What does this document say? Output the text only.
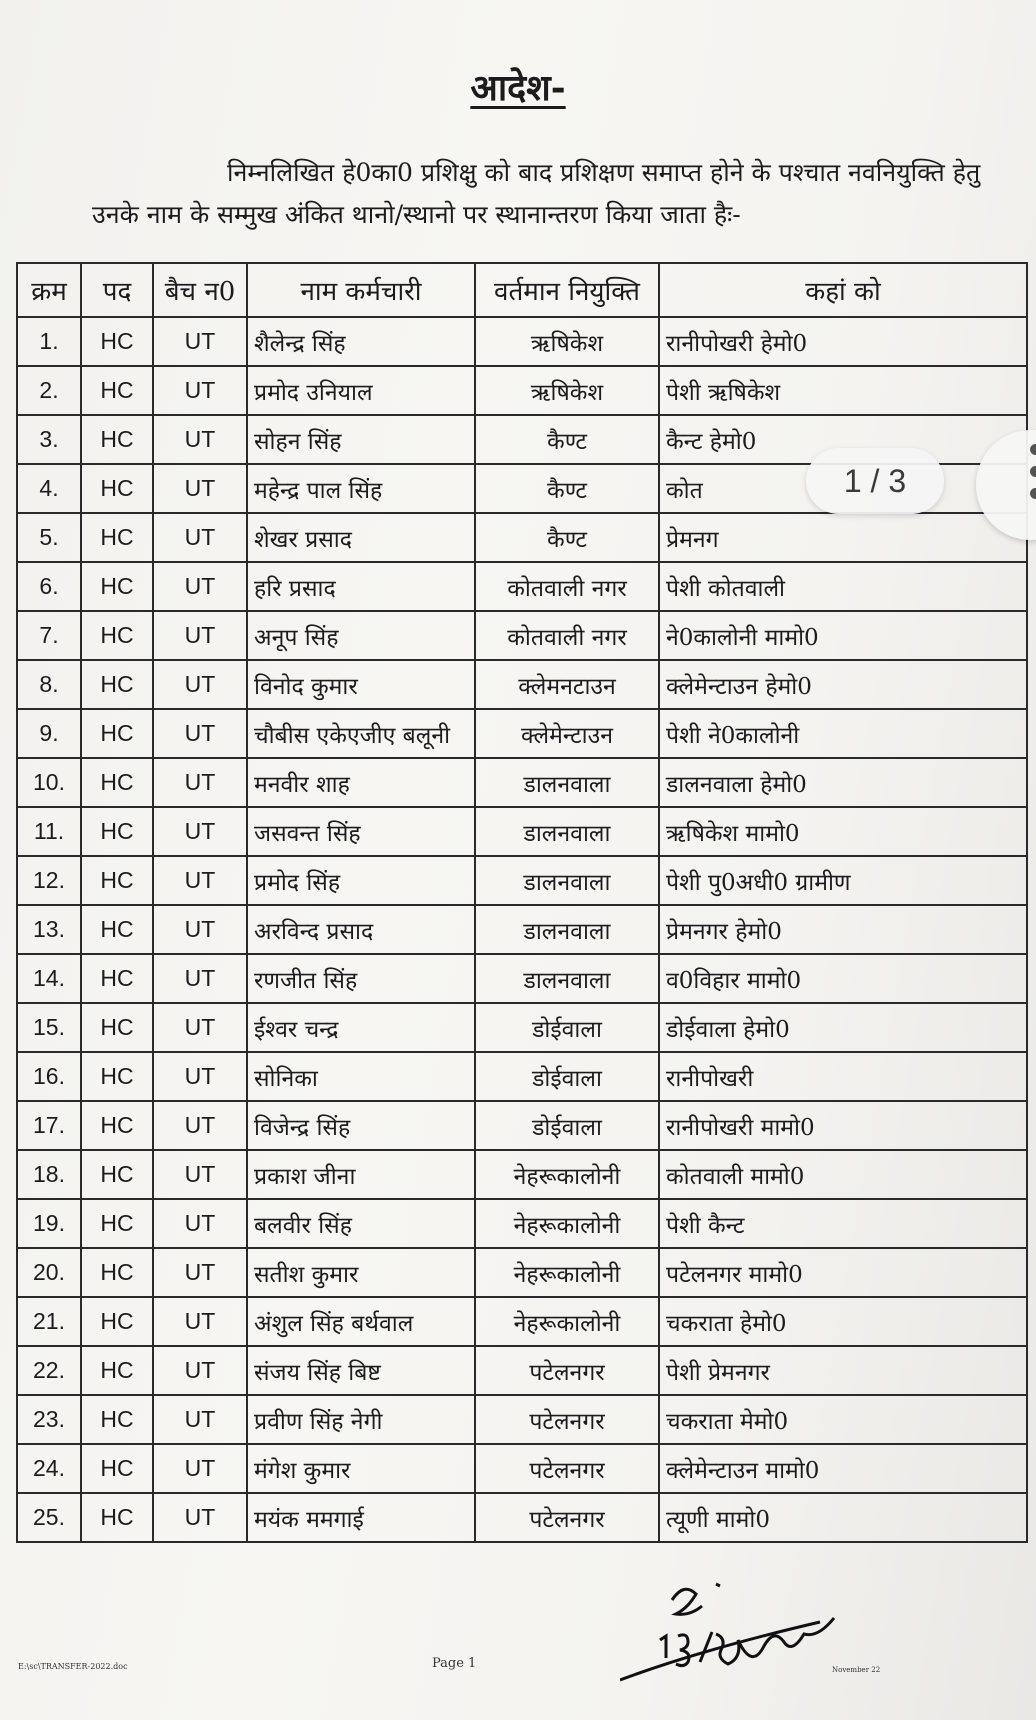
आदेश-
निम्नलिखित हे0का0 प्रशिक्षु को बाद प्रशिक्षण समाप्त होने के पश्चात नवनियुक्ति हेतु उनके नाम के सम्मुख अंकित थानो/स्थानो पर स्थानान्तरण किया जाता हैः-
क्रम	पद	बैच न0	नाम कर्मचारी	वर्तमान नियुक्ति	कहां को
1.	HC	UT	शैलेन्द्र सिंह	ऋषिकेश	रानीपोखरी हेमो0
2.	HC	UT	प्रमोद उनियाल	ऋषिकेश	पेशी ऋषिकेश
3.	HC	UT	सोहन सिंह	कैण्ट	कैन्ट हेमो0
4.	HC	UT	महेन्द्र पाल सिंह	कैण्ट	कोत
5.	HC	UT	शेखर प्रसाद	कैण्ट	प्रेमनग
6.	HC	UT	हरि प्रसाद	कोतवाली नगर	पेशी कोतवाली
7.	HC	UT	अनूप सिंह	कोतवाली नगर	ने0कालोनी मामो0
8.	HC	UT	विनोद कुमार	क्लेमनटाउन	क्लेमेन्टाउन हेमो0
9.	HC	UT	चौबीस एकेएजीए बलूनी	क्लेमेन्टाउन	पेशी ने0कालोनी
10.	HC	UT	मनवीर शाह	डालनवाला	डालनवाला हेमो0
11.	HC	UT	जसवन्त सिंह	डालनवाला	ऋषिकेश मामो0
12.	HC	UT	प्रमोद सिंह	डालनवाला	पेशी पु0अधी0 ग्रामीण
13.	HC	UT	अरविन्द प्रसाद	डालनवाला	प्रेमनगर हेमो0
14.	HC	UT	रणजीत सिंह	डालनवाला	व0विहार मामो0
15.	HC	UT	ईश्वर चन्द्र	डोईवाला	डोईवाला हेमो0
16.	HC	UT	सोनिका	डोईवाला	रानीपोखरी
17.	HC	UT	विजेन्द्र सिंह	डोईवाला	रानीपोखरी मामो0
18.	HC	UT	प्रकाश जीना	नेहरूकालोनी	कोतवाली मामो0
19.	HC	UT	बलवीर सिंह	नेहरूकालोनी	पेशी कैन्ट
20.	HC	UT	सतीश कुमार	नेहरूकालोनी	पटेलनगर मामो0
21.	HC	UT	अंशुल सिंह बर्थवाल	नेहरूकालोनी	चकराता हेमो0
22.	HC	UT	संजय सिंह बिष्ट	पटेलनगर	पेशी प्रेमनगर
23.	HC	UT	प्रवीण सिंह नेगी	पटेलनगर	चकराता मेमो0
24.	HC	UT	मंगेश कुमार	पटेलनगर	क्लेमेन्टाउन मामो0
25.	HC	UT	मयंक ममगाई	पटेलनगर	त्यूणी मामो0
E:\sc\TRANSFER-2022.doc	Page 1	November 22
1 / 3
